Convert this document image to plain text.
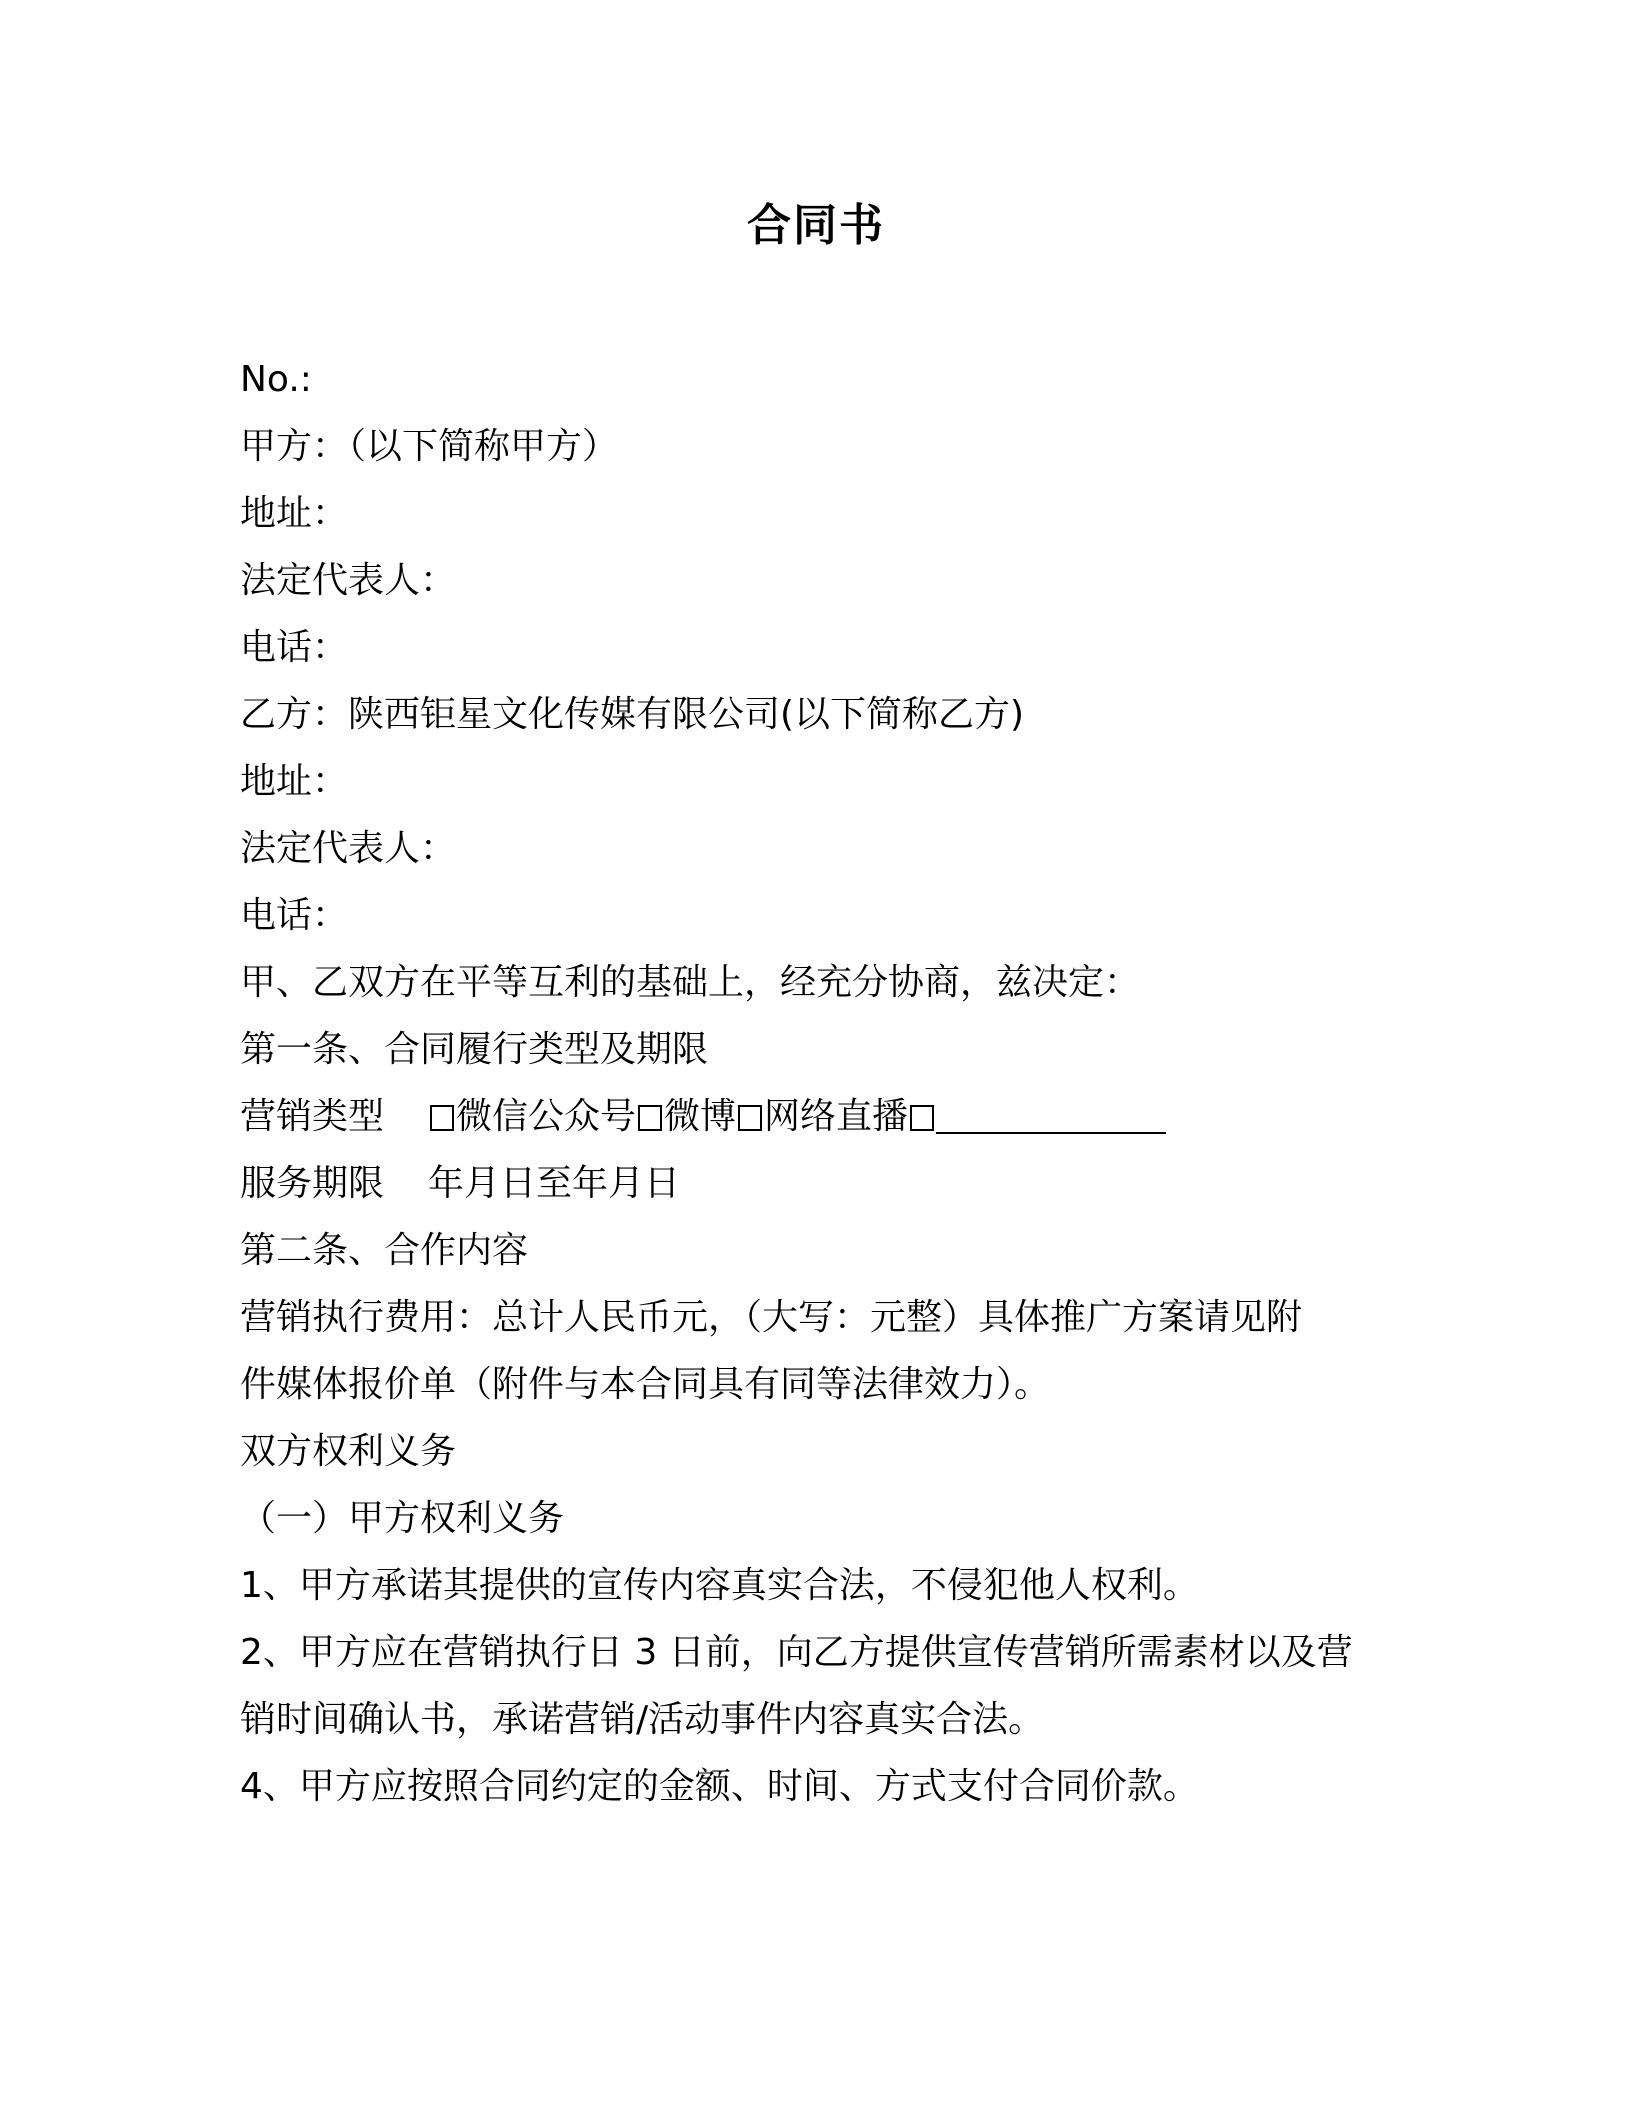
合同书
No.:
甲方：（以下简称甲方）
地址：
法定代表人：
电话：
乙方：陕西钜星文化传媒有限公司(以下简称乙方)
地址：
法定代表人：
电话：
甲、乙双方在平等互利的基础上，经充分协商，兹决定：
第一条、合同履行类型及期限
营销类型 微信公众号 微博 网络直播
服务期限 年月日至年月日
第二条、合作内容
营销执行费用：总计人民币元，（大写：元整）具体推广方案请见附
件媒体报价单（附件与本合同具有同等法律效力）。
双方权利义务
（一）甲方权利义务
1、甲方承诺其提供的宣传内容真实合法，不侵犯他人权利。
2、甲方应在营销执行日 3 日前，向乙方提供宣传营销所需素材以及营
销时间确认书，承诺营销/活动事件内容真实合法。
4、甲方应按照合同约定的金额、时间、方式支付合同价款。
